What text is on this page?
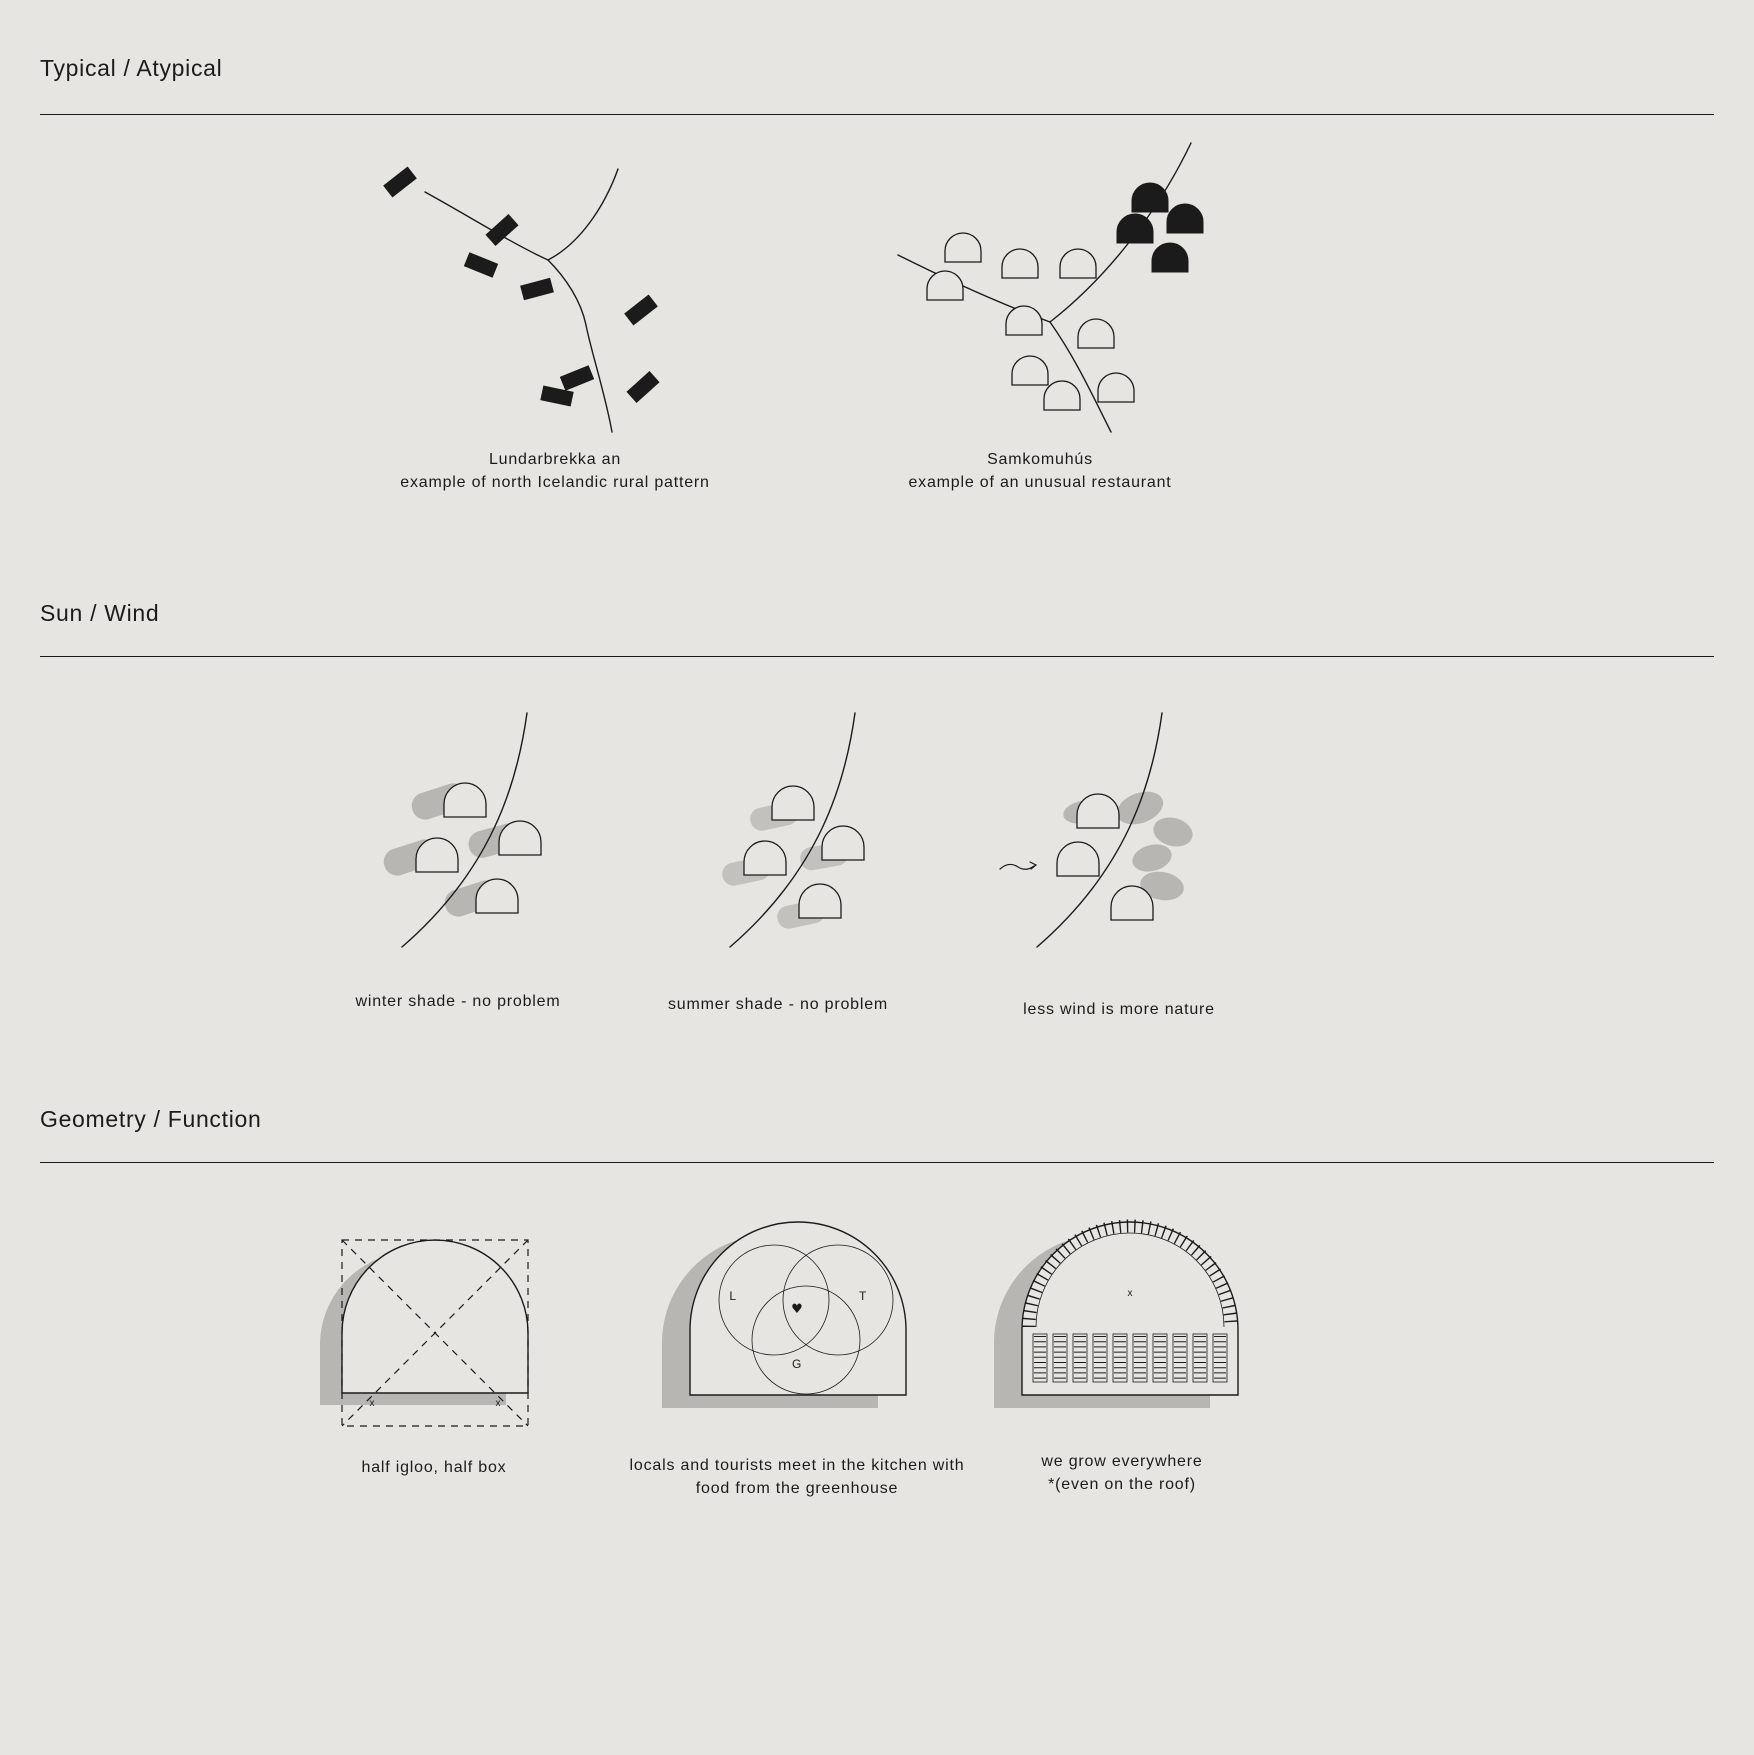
Typical / Atypical
Lundarbrekka an
example of north Icelandic rural pattern
Samkomuhús
example of an unusual restaurant
Sun / Wind
winter shade - no problem	summer shade - no problem	less wind is more nature
Geometry / Function
x	x
half igloo, half box
L	T
G
♥
locals and tourists meet in the kitchen with
food from the greenhouse
x
we grow everywhere
*(even on the roof)
